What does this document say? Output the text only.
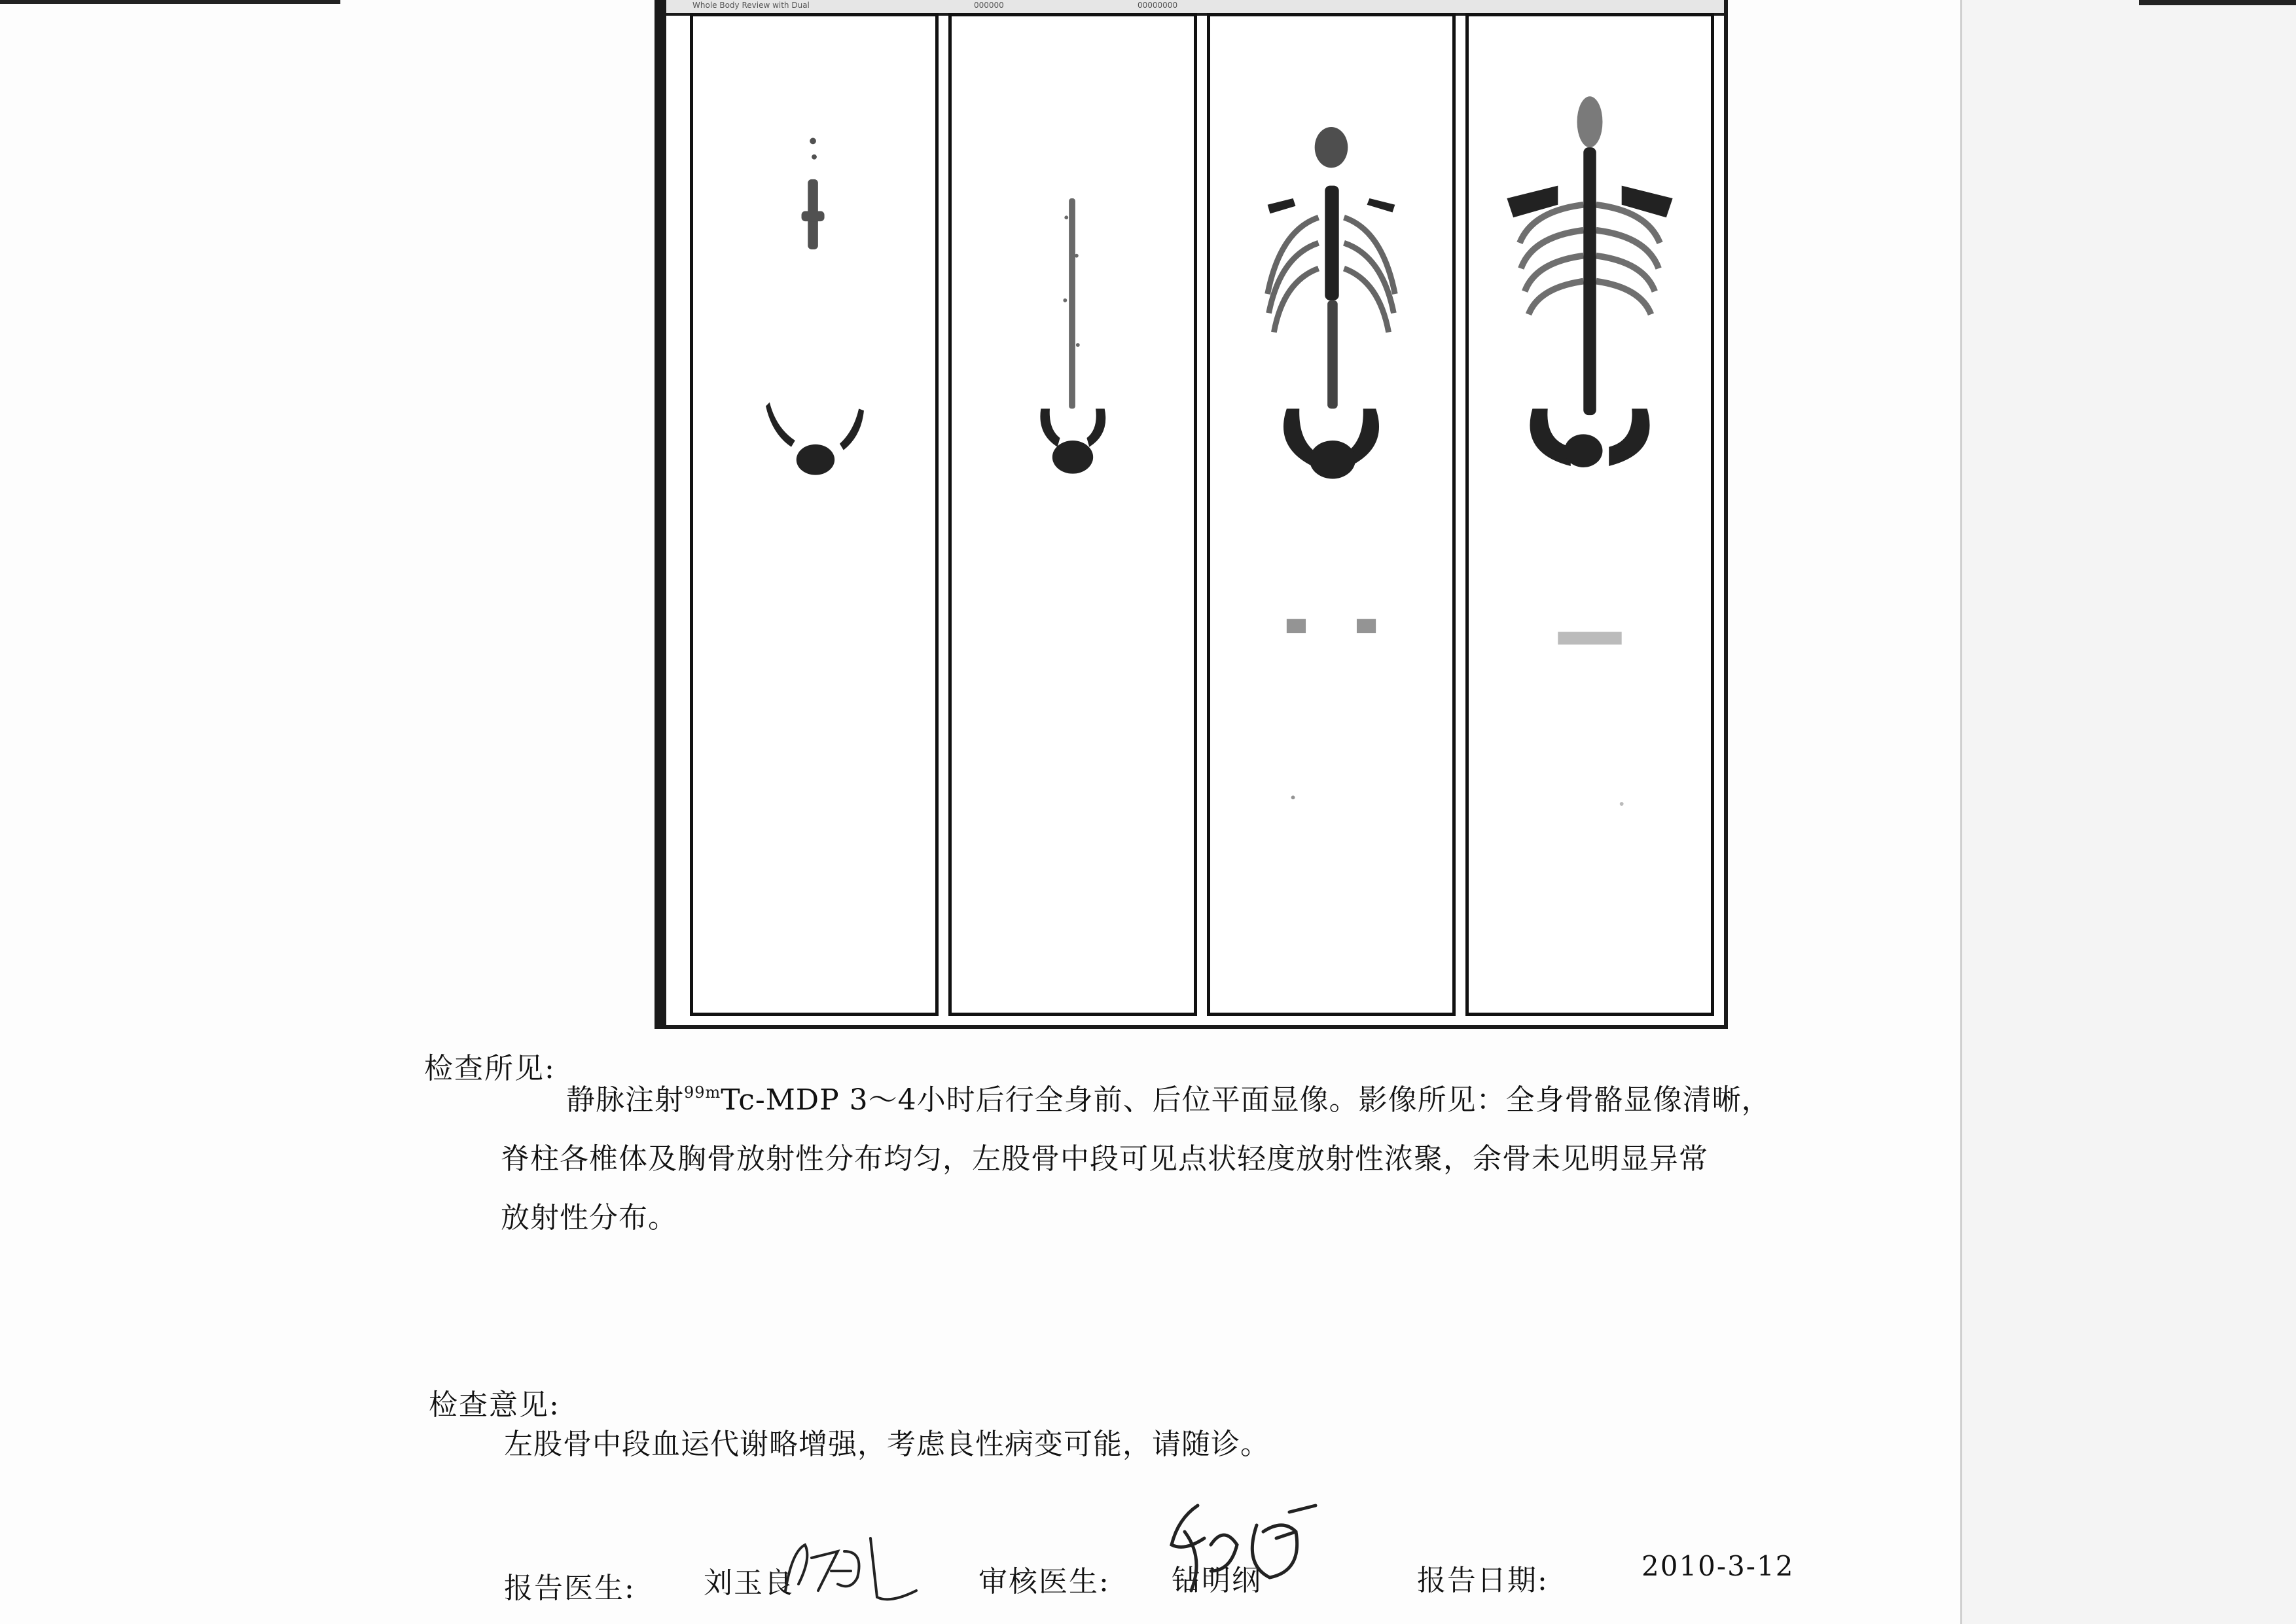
Whole Body Review with Dual	000000	00000000
检查所见:
静脉注射$^{99m}$Tc-MDP 3～4小时后行全身前、后位平面显像。影像所见：全身骨骼显像清晰，
脊柱各椎体及胸骨放射性分布均匀，左股骨中段可见点状轻度放射性浓聚，余骨未见明显异常
放射性分布。
检查意见:
左股骨中段血运代谢略增强，考虑良性病变可能，请随诊。
报告医生: 刘玉良	审核医生: 钻明纲	报告日期:	2010-3-12
